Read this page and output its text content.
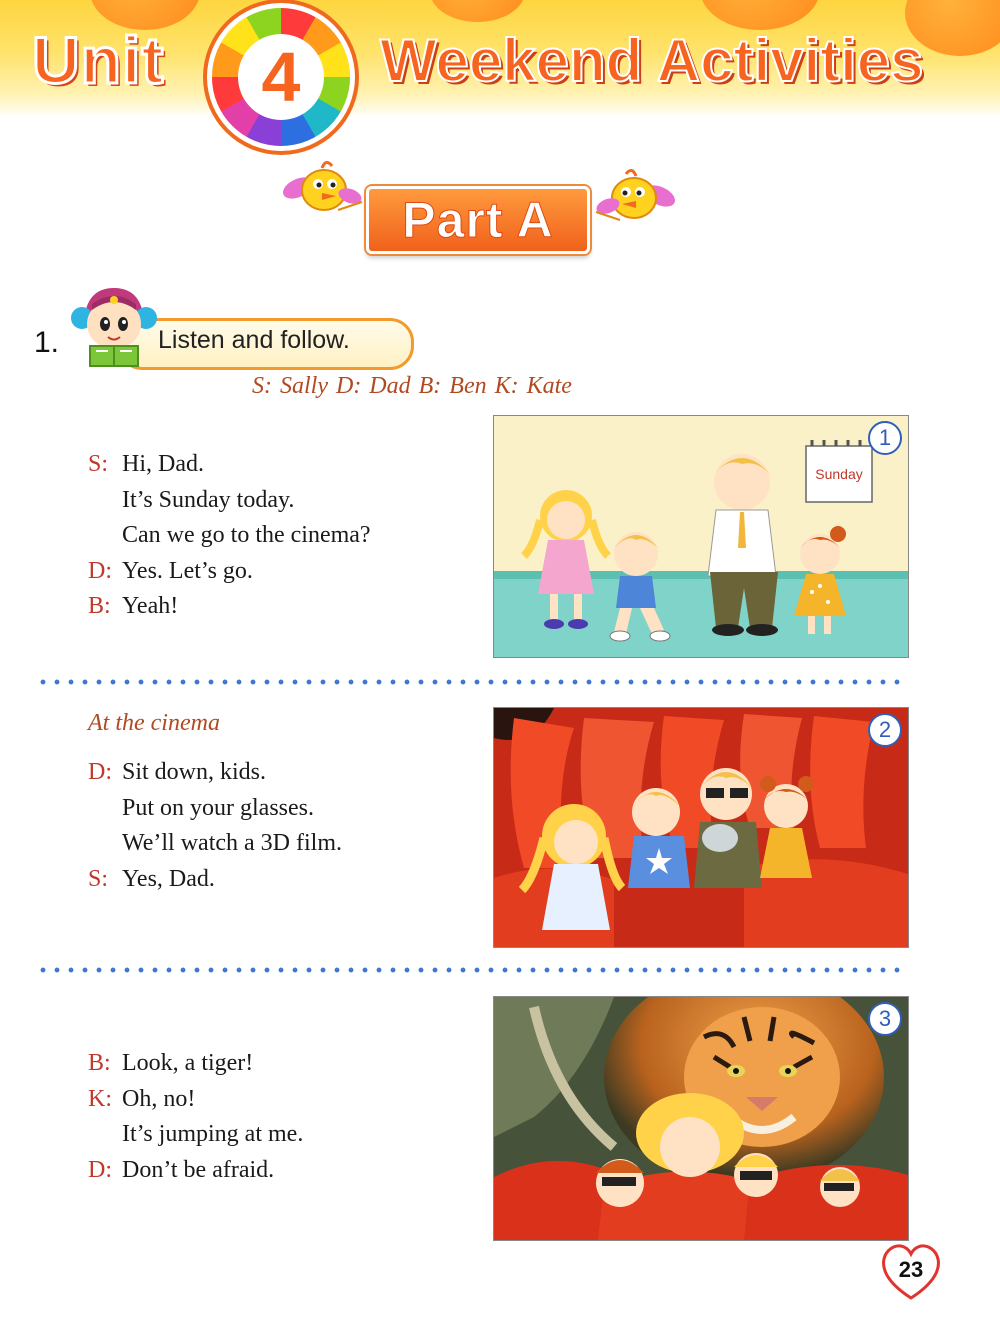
Unit	4	Weekend Activities
Part A
1.	Listen and follow.
S: Sally D: Dad B: Ben K: Kate
S: Hi, Dad.
It’s Sunday today.
Can we go to the cinema?
D: Yes. Let’s go.
B: Yeah!
Sunday
1
At the cinema
D: Sit down, kids.
Put on your glasses.
We’ll watch a 3D film.
S: Yes, Dad.
2
B: Look, a tiger!
K: Oh, no!
It’s jumping at me.
D: Don’t be afraid.
3
23
